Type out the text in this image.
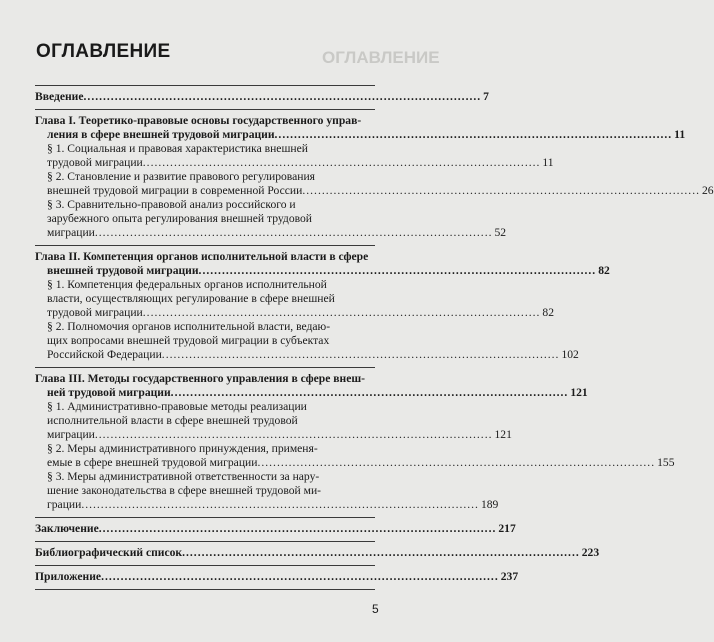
ОГЛАВЛЕНИЕ
ОГЛАВЛЕНИЕ
Введение .....	7
Глава I. Теоретико-правовые основы государственного управ-
ления в сфере внешней трудовой миграции .....	11
§ 1. Социальная и правовая характеристика внешней
трудовой миграции .....	11
§ 2. Становление и развитие правового регулирования
внешней трудовой миграции в современной России .....	26
§ 3. Сравнительно-правовой анализ российского и
зарубежного опыта регулирования внешней трудовой
миграции .....	52
Глава II. Компетенция органов исполнительной власти в сфере
внешней трудовой миграции .....	82
§ 1. Компетенция федеральных органов исполнительной
власти, осуществляющих регулирование в сфере внешней
трудовой миграции .....	82
§ 2. Полномочия органов исполнительной власти, ведаю-
щих вопросами внешней трудовой миграции в субъектах
Российской Федерации .....	102
Глава III. Методы государственного управления в сфере внеш-
ней трудовой миграции .....	121
§ 1. Административно-правовые методы реализации
исполнительной власти в сфере внешней трудовой
миграции .....	121
§ 2. Меры административного принуждения, применя-
емые в сфере внешней трудовой миграции .....	155
§ 3. Меры административной ответственности за нару-
шение законодательства в сфере внешней трудовой ми-
грации .....	189
Заключение .....	217
Библиографический список .....	223
Приложение .....	237
5
